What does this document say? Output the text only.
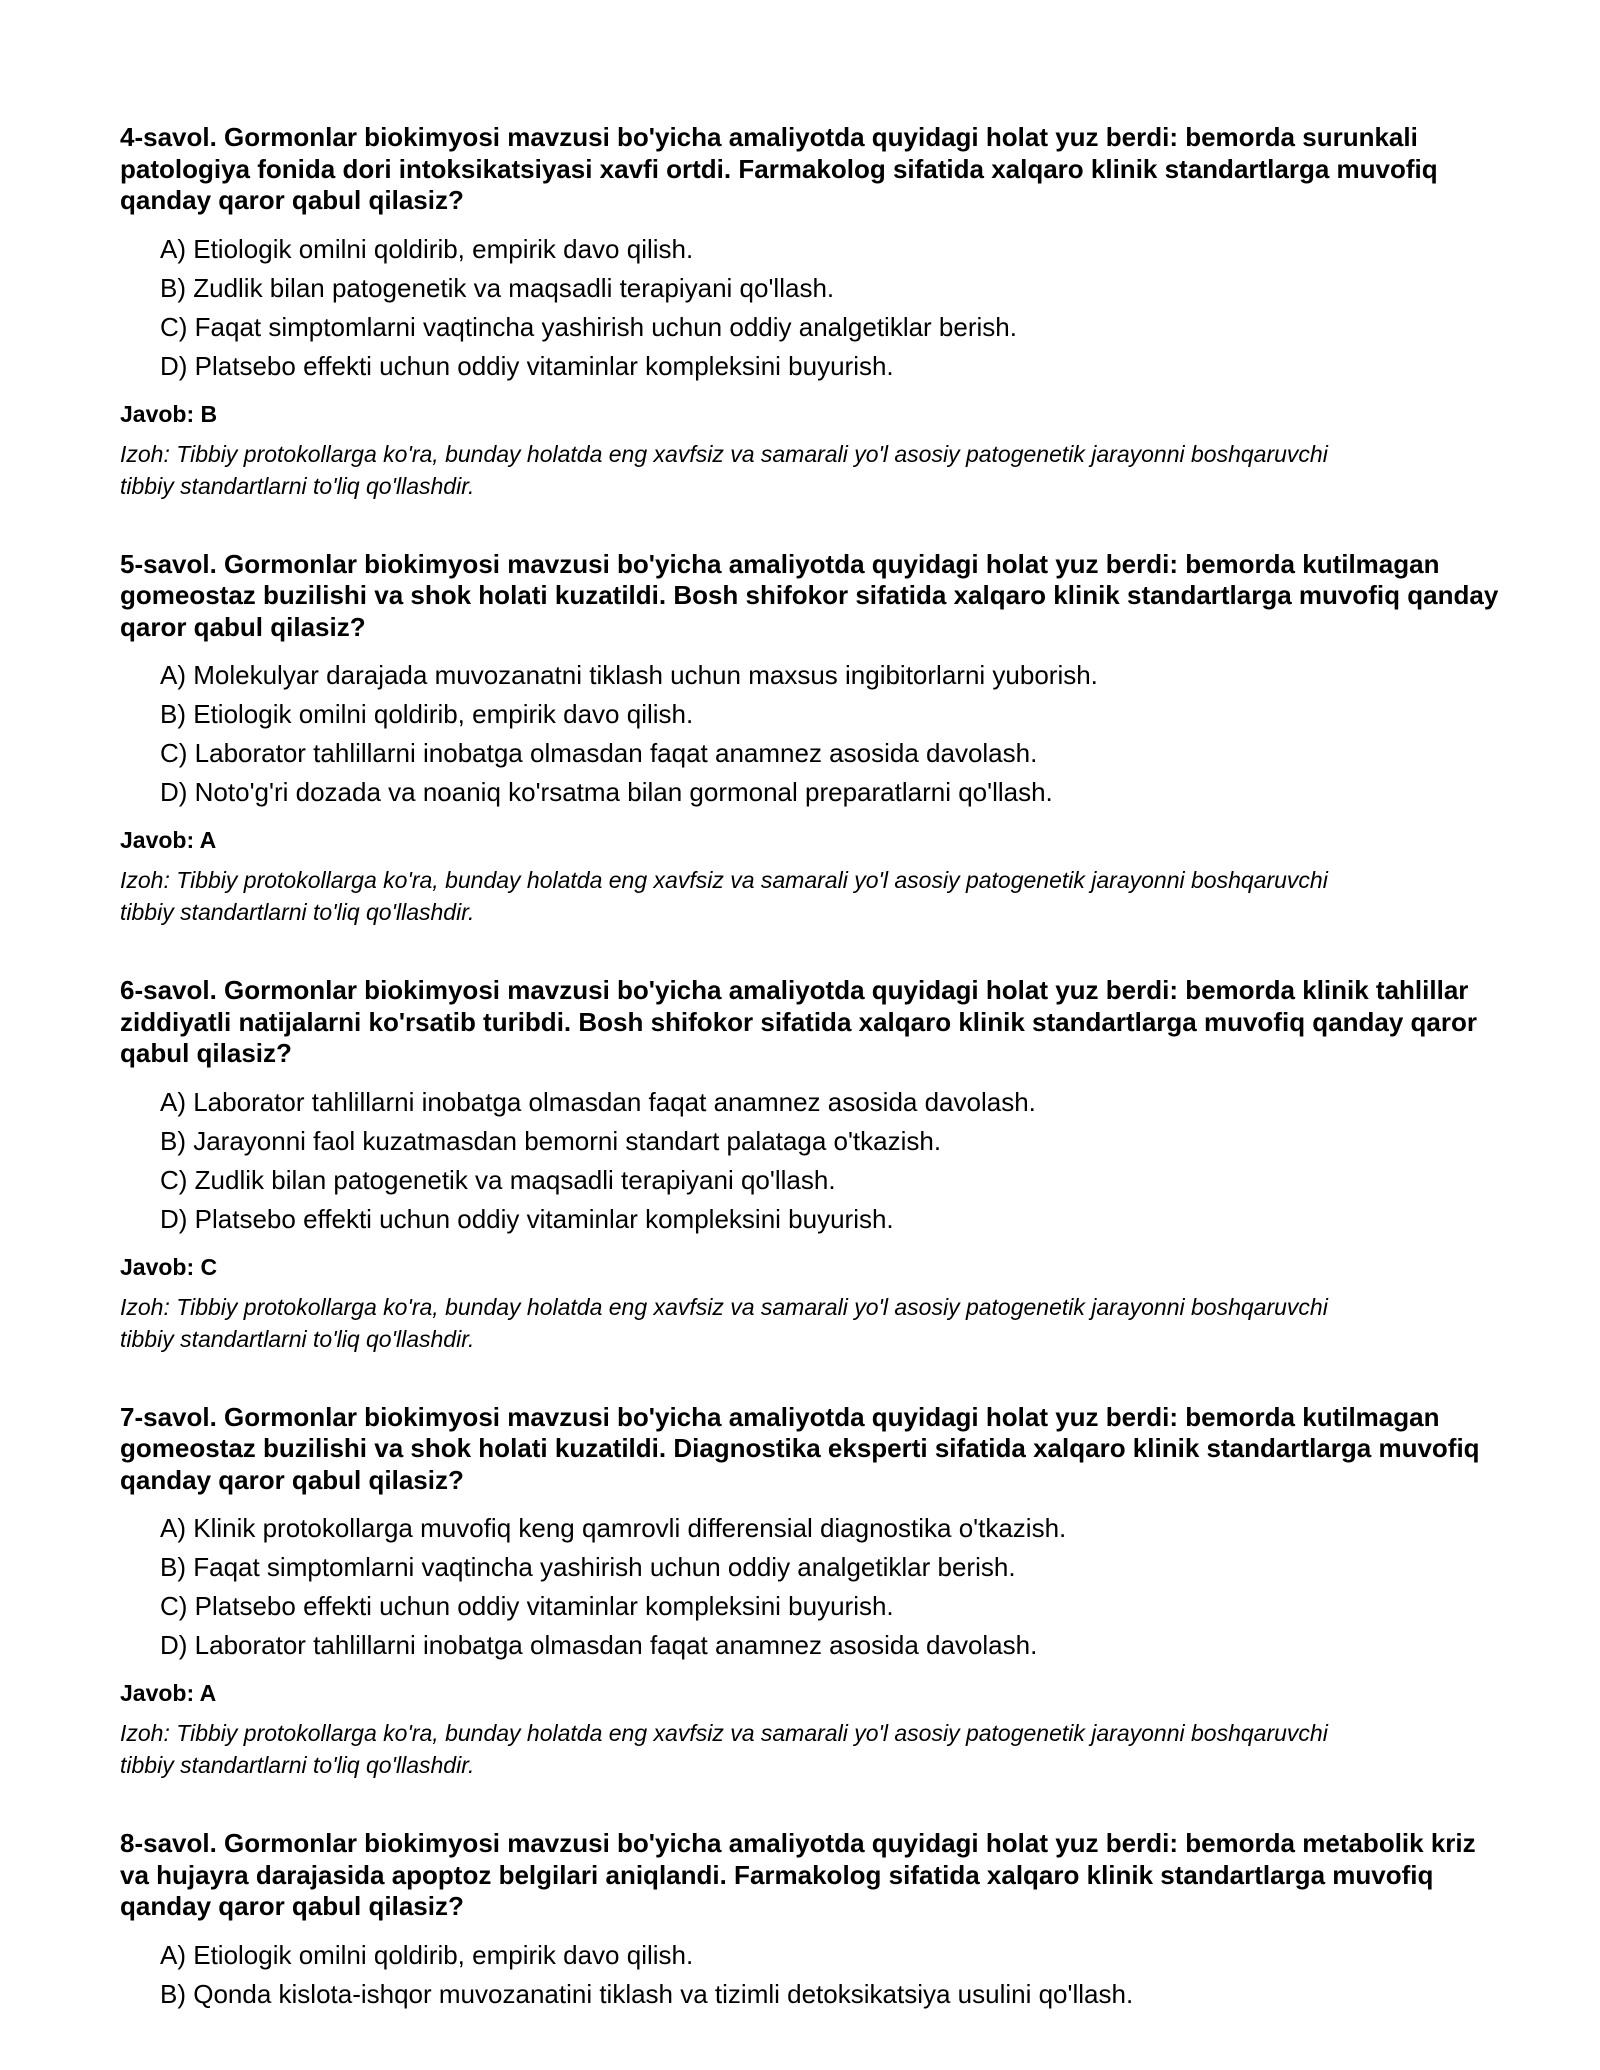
4-savol. Gormonlar biokimyosi mavzusi bo'yicha amaliyotda quyidagi holat yuz berdi: bemorda surunkali patologiya fonida dori intoksikatsiyasi xavfi ortdi. Farmakolog sifatida xalqaro klinik standartlarga muvofiq qanday qaror qabul qilasiz?

A) Etiologik omilni qoldirib, empirik davo qilish.
B) Zudlik bilan patogenetik va maqsadli terapiyani qo'llash.
C) Faqat simptomlarni vaqtincha yashirish uchun oddiy analgetiklar berish.
D) Platsebo effekti uchun oddiy vitaminlar kompleksini buyurish.

Javob: B

Izoh: Tibbiy protokollarga ko'ra, bunday holatda eng xavfsiz va samarali yo'l asosiy patogenetik jarayonni boshqaruvchi tibbiy standartlarni to'liq qo'llashdir.

5-savol. Gormonlar biokimyosi mavzusi bo'yicha amaliyotda quyidagi holat yuz berdi: bemorda kutilmagan gomeostaz buzilishi va shok holati kuzatildi. Bosh shifokor sifatida xalqaro klinik standartlarga muvofiq qanday qaror qabul qilasiz?

A) Molekulyar darajada muvozanatni tiklash uchun maxsus ingibitorlarni yuborish.
B) Etiologik omilni qoldirib, empirik davo qilish.
C) Laborator tahlillarni inobatga olmasdan faqat anamnez asosida davolash.
D) Noto'g'ri dozada va noaniq ko'rsatma bilan gormonal preparatlarni qo'llash.

Javob: A

Izoh: Tibbiy protokollarga ko'ra, bunday holatda eng xavfsiz va samarali yo'l asosiy patogenetik jarayonni boshqaruvchi tibbiy standartlarni to'liq qo'llashdir.

6-savol. Gormonlar biokimyosi mavzusi bo'yicha amaliyotda quyidagi holat yuz berdi: bemorda klinik tahlillar ziddiyatli natijalarni ko'rsatib turibdi. Bosh shifokor sifatida xalqaro klinik standartlarga muvofiq qanday qaror qabul qilasiz?

A) Laborator tahlillarni inobatga olmasdan faqat anamnez asosida davolash.
B) Jarayonni faol kuzatmasdan bemorni standart palataga o'tkazish.
C) Zudlik bilan patogenetik va maqsadli terapiyani qo'llash.
D) Platsebo effekti uchun oddiy vitaminlar kompleksini buyurish.

Javob: C

Izoh: Tibbiy protokollarga ko'ra, bunday holatda eng xavfsiz va samarali yo'l asosiy patogenetik jarayonni boshqaruvchi tibbiy standartlarni to'liq qo'llashdir.

7-savol. Gormonlar biokimyosi mavzusi bo'yicha amaliyotda quyidagi holat yuz berdi: bemorda kutilmagan gomeostaz buzilishi va shok holati kuzatildi. Diagnostika eksperti sifatida xalqaro klinik standartlarga muvofiq qanday qaror qabul qilasiz?

A) Klinik protokollarga muvofiq keng qamrovli differensial diagnostika o'tkazish.
B) Faqat simptomlarni vaqtincha yashirish uchun oddiy analgetiklar berish.
C) Platsebo effekti uchun oddiy vitaminlar kompleksini buyurish.
D) Laborator tahlillarni inobatga olmasdan faqat anamnez asosida davolash.

Javob: A

Izoh: Tibbiy protokollarga ko'ra, bunday holatda eng xavfsiz va samarali yo'l asosiy patogenetik jarayonni boshqaruvchi tibbiy standartlarni to'liq qo'llashdir.

8-savol. Gormonlar biokimyosi mavzusi bo'yicha amaliyotda quyidagi holat yuz berdi: bemorda metabolik kriz va hujayra darajasida apoptoz belgilari aniqlandi. Farmakolog sifatida xalqaro klinik standartlarga muvofiq qanday qaror qabul qilasiz?

A) Etiologik omilni qoldirib, empirik davo qilish.
B) Qonda kislota-ishqor muvozanatini tiklash va tizimli detoksikatsiya usulini qo'llash.
